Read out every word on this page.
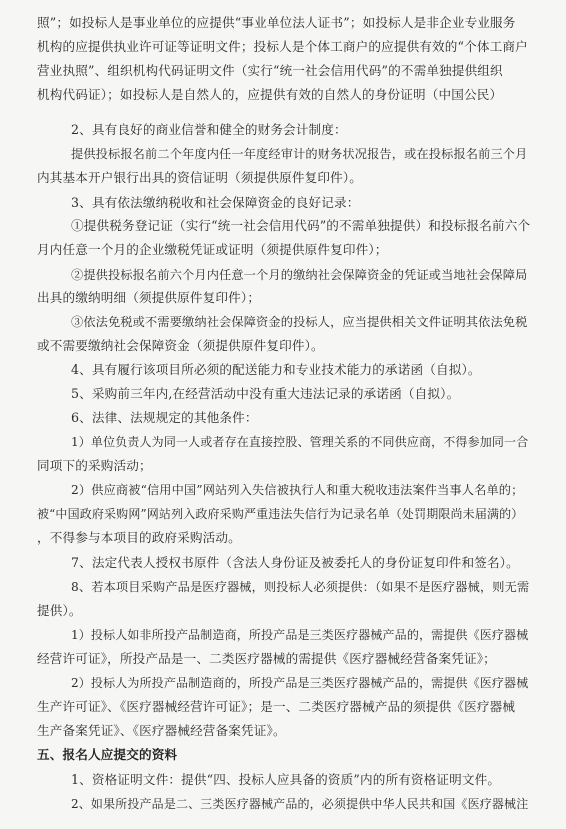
照”；如投标人是事业单位的应提供“事业单位法人证书”；如投标人是非企业专业服务
机构的应提供执业许可证等证明文件；投标人是个体工商户的应提供有效的“个体工商户
营业执照”、组织机构代码证明文件（实行“统一社会信用代码”的不需单独提供组织
机构代码证）；如投标人是自然人的，应提供有效的自然人的身份证明（中国公民）
2、具有良好的商业信誉和健全的财务会计制度：
提供投标报名前二个年度内任一年度经审计的财务状况报告，或在投标报名前三个月
内其基本开户银行出具的资信证明（须提供原件复印件）。
3、具有依法缴纳税收和社会保障资金的良好记录：
①提供税务登记证（实行“统一社会信用代码”的不需单独提供）和投标报名前六个
月内任意一个月的企业缴税凭证或证明（须提供原件复印件）；
②提供投标报名前六个月内任意一个月的缴纳社会保障资金的凭证或当地社会保障局
出具的缴纳明细（须提供原件复印件）；
③依法免税或不需要缴纳社会保障资金的投标人，应当提供相关文件证明其依法免税
或不需要缴纳社会保障资金（须提供原件复印件）。
4、具有履行该项目所必须的配送能力和专业技术能力的承诺函（自拟）。
5、采购前三年内,在经营活动中没有重大违法记录的承诺函（自拟）。
6、法律、法规规定的其他条件：
1）单位负责人为同一人或者存在直接控股、管理关系的不同供应商，不得参加同一合
同项下的采购活动；
2）供应商被“信用中国”网站列入失信被执行人和重大税收违法案件当事人名单的；
被“中国政府采购网”网站列入政府采购严重违法失信行为记录名单（处罚期限尚未届满的）
，不得参与本项目的政府采购活动。
7、法定代表人授权书原件（含法人身份证及被委托人的身份证复印件和签名）。
8、若本项目采购产品是医疗器械，则投标人必须提供：（如果不是医疗器械，则无需
提供）。
1）投标人如非所投产品制造商，所投产品是三类医疗器械产品的，需提供《医疗器械
经营许可证》，所投产品是一、二类医疗器械的需提供《医疗器械经营备案凭证》；
2）投标人为所投产品制造商的，所投产品是三类医疗器械产品的，需提供《医疗器械
生产许可证》、《医疗器械经营许可证》；是一、二类医疗器械产品的须提供《医疗器械
生产备案凭证》、《医疗器械经营备案凭证》。
五、报名人应提交的资料
1、资格证明文件：提供“四、投标人应具备的资质”内的所有资格证明文件。
2、如果所投产品是二、三类医疗器械产品的，必须提供中华人民共和国《医疗器械注
